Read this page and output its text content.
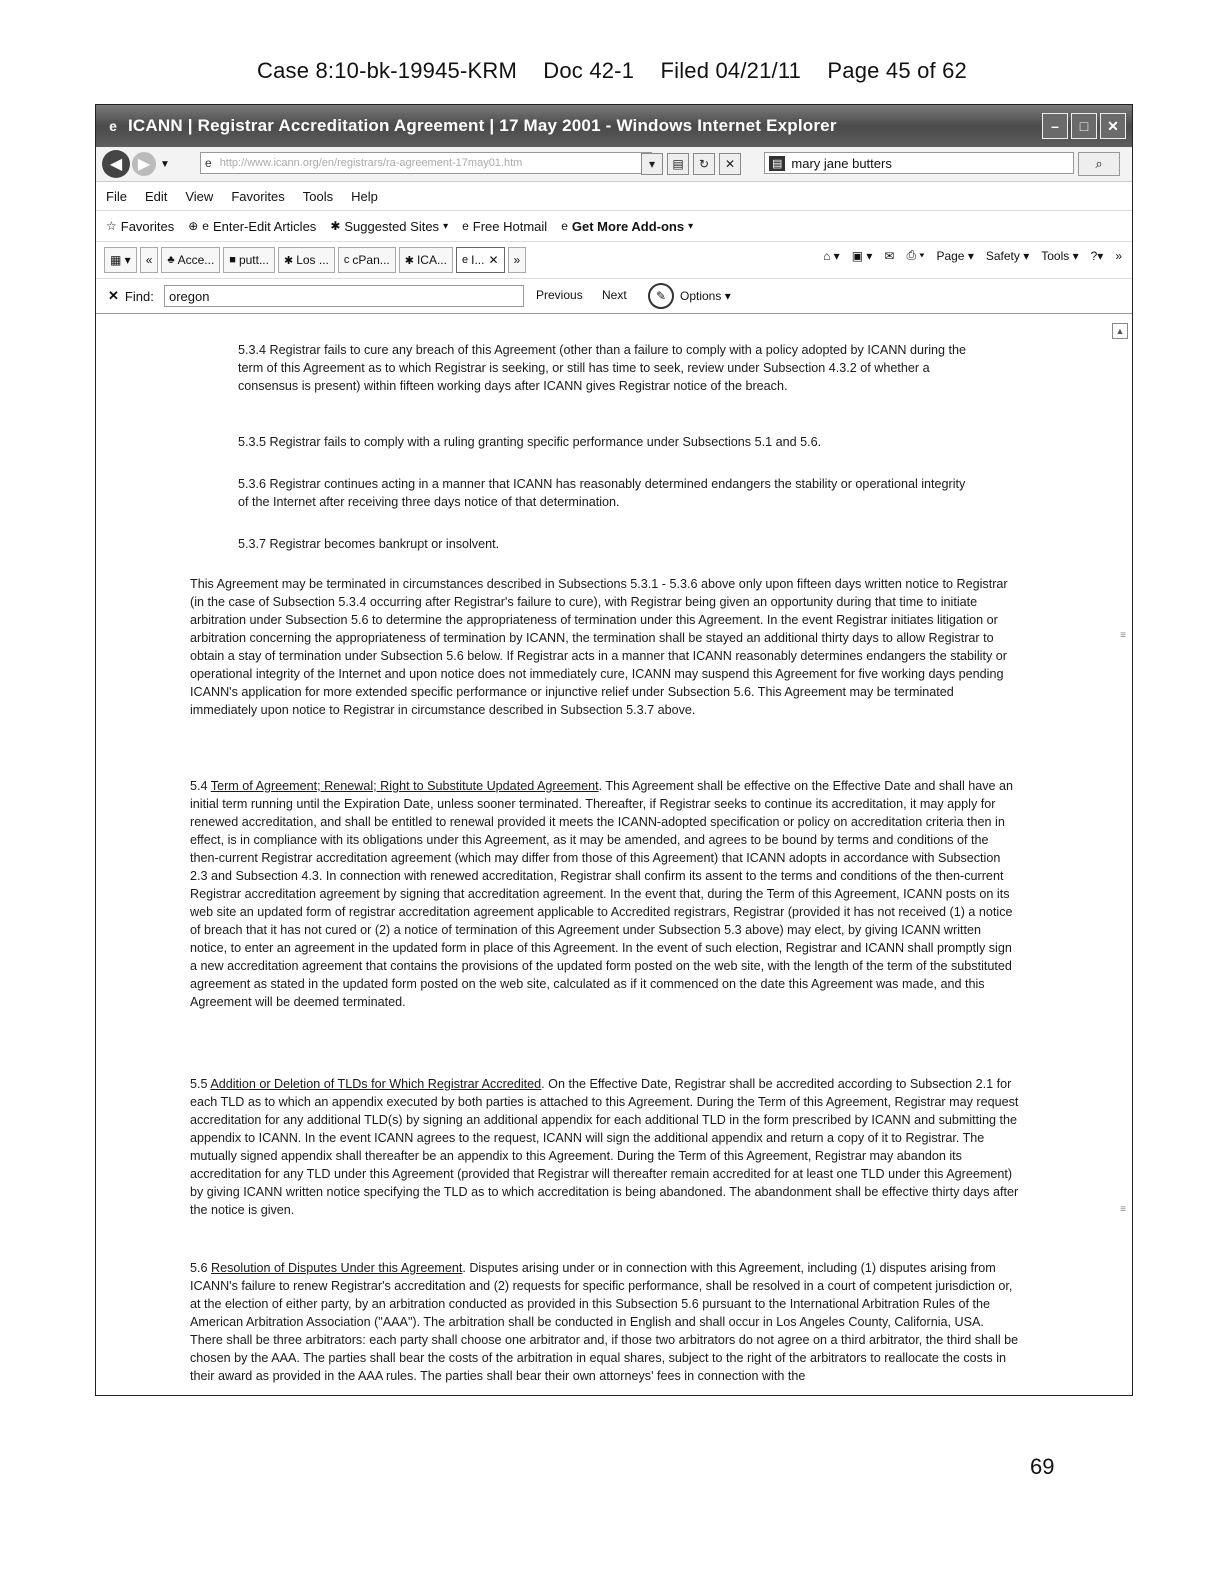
Case 8:10-bk-19945-KRM Doc 42-1 Filed 04/21/11 Page 45 of 62
e ICANN | Registrar Accreditation Agreement | 17 May 2001 - Windows Internet Explorer	–	□	✕
◀ ▶ ▼	e http://www.icann.org/en/registrars/ra-agreement-17may01.htm	▾	▤	↻	✕	▤ mary jane butters	⌕
File Edit View Favorites Tools Help
☆ Favorites ⊕ e Enter-Edit Articles ✱ Suggested Sites ▾ e Free Hotmail e Get More Add-ons ▾
▦ ▾	«	♣ Acce... ■ putt... ✱ Los ... c cPan... ✱ ICA... e I... ✕	»	⌂ ▾ ▣ ▾ ✉ ⎙ ▾ Page ▾ Safety ▾ Tools ▾ ?▾ »
✕ Find: oregon	Previous Next	✎	Options ▾
▲
≡
≡

5.3.4 Registrar fails to cure any breach of this Agreement (other than a failure to comply with a policy adopted by ICANN during the term of this Agreement as to which Registrar is seeking, or still has time to seek, review under Subsection 4.3.2 of whether a consensus is present) within fifteen working days after ICANN gives Registrar notice of the breach.

5.3.5 Registrar fails to comply with a ruling granting specific performance under Subsections 5.1 and 5.6.

5.3.6 Registrar continues acting in a manner that ICANN has reasonably determined endangers the stability or operational integrity of the Internet after receiving three days notice of that determination.

5.3.7 Registrar becomes bankrupt or insolvent.

This Agreement may be terminated in circumstances described in Subsections 5.3.1 - 5.3.6 above only upon fifteen days written notice to Registrar (in the case of Subsection 5.3.4 occurring after Registrar's failure to cure), with Registrar being given an opportunity during that time to initiate arbitration under Subsection 5.6 to determine the appropriateness of termination under this Agreement. In the event Registrar initiates litigation or arbitration concerning the appropriateness of termination by ICANN, the termination shall be stayed an additional thirty days to allow Registrar to obtain a stay of termination under Subsection 5.6 below. If Registrar acts in a manner that ICANN reasonably determines endangers the stability or operational integrity of the Internet and upon notice does not immediately cure, ICANN may suspend this Agreement for five working days pending ICANN's application for more extended specific performance or injunctive relief under Subsection 5.6. This Agreement may be terminated immediately upon notice to Registrar in circumstance described in Subsection 5.3.7 above.

5.4 Term of Agreement; Renewal; Right to Substitute Updated Agreement. This Agreement shall be effective on the Effective Date and shall have an initial term running until the Expiration Date, unless sooner terminated. Thereafter, if Registrar seeks to continue its accreditation, it may apply for renewed accreditation, and shall be entitled to renewal provided it meets the ICANN-adopted specification or policy on accreditation criteria then in effect, is in compliance with its obligations under this Agreement, as it may be amended, and agrees to be bound by terms and conditions of the then-current Registrar accreditation agreement (which may differ from those of this Agreement) that ICANN adopts in accordance with Subsection 2.3 and Subsection 4.3. In connection with renewed accreditation, Registrar shall confirm its assent to the terms and conditions of the then-current Registrar accreditation agreement by signing that accreditation agreement. In the event that, during the Term of this Agreement, ICANN posts on its web site an updated form of registrar accreditation agreement applicable to Accredited registrars, Registrar (provided it has not received (1) a notice of breach that it has not cured or (2) a notice of termination of this Agreement under Subsection 5.3 above) may elect, by giving ICANN written notice, to enter an agreement in the updated form in place of this Agreement. In the event of such election, Registrar and ICANN shall promptly sign a new accreditation agreement that contains the provisions of the updated form posted on the web site, with the length of the term of the substituted agreement as stated in the updated form posted on the web site, calculated as if it commenced on the date this Agreement was made, and this Agreement will be deemed terminated.

5.5 Addition or Deletion of TLDs for Which Registrar Accredited. On the Effective Date, Registrar shall be accredited according to Subsection 2.1 for each TLD as to which an appendix executed by both parties is attached to this Agreement. During the Term of this Agreement, Registrar may request accreditation for any additional TLD(s) by signing an additional appendix for each additional TLD in the form prescribed by ICANN and submitting the appendix to ICANN. In the event ICANN agrees to the request, ICANN will sign the additional appendix and return a copy of it to Registrar. The mutually signed appendix shall thereafter be an appendix to this Agreement. During the Term of this Agreement, Registrar may abandon its accreditation for any TLD under this Agreement (provided that Registrar will thereafter remain accredited for at least one TLD under this Agreement) by giving ICANN written notice specifying the TLD as to which accreditation is being abandoned. The abandonment shall be effective thirty days after the notice is given.

5.6 Resolution of Disputes Under this Agreement. Disputes arising under or in connection with this Agreement, including (1) disputes arising from ICANN's failure to renew Registrar's accreditation and (2) requests for specific performance, shall be resolved in a court of competent jurisdiction or, at the election of either party, by an arbitration conducted as provided in this Subsection 5.6 pursuant to the International Arbitration Rules of the American Arbitration Association ("AAA"). The arbitration shall be conducted in English and shall occur in Los Angeles County, California, USA. There shall be three arbitrators: each party shall choose one arbitrator and, if those two arbitrators do not agree on a third arbitrator, the third shall be chosen by the AAA. The parties shall bear the costs of the arbitration in equal shares, subject to the right of the arbitrators to reallocate the costs in their award as provided in the AAA rules. The parties shall bear their own attorneys' fees in connection with the

69
